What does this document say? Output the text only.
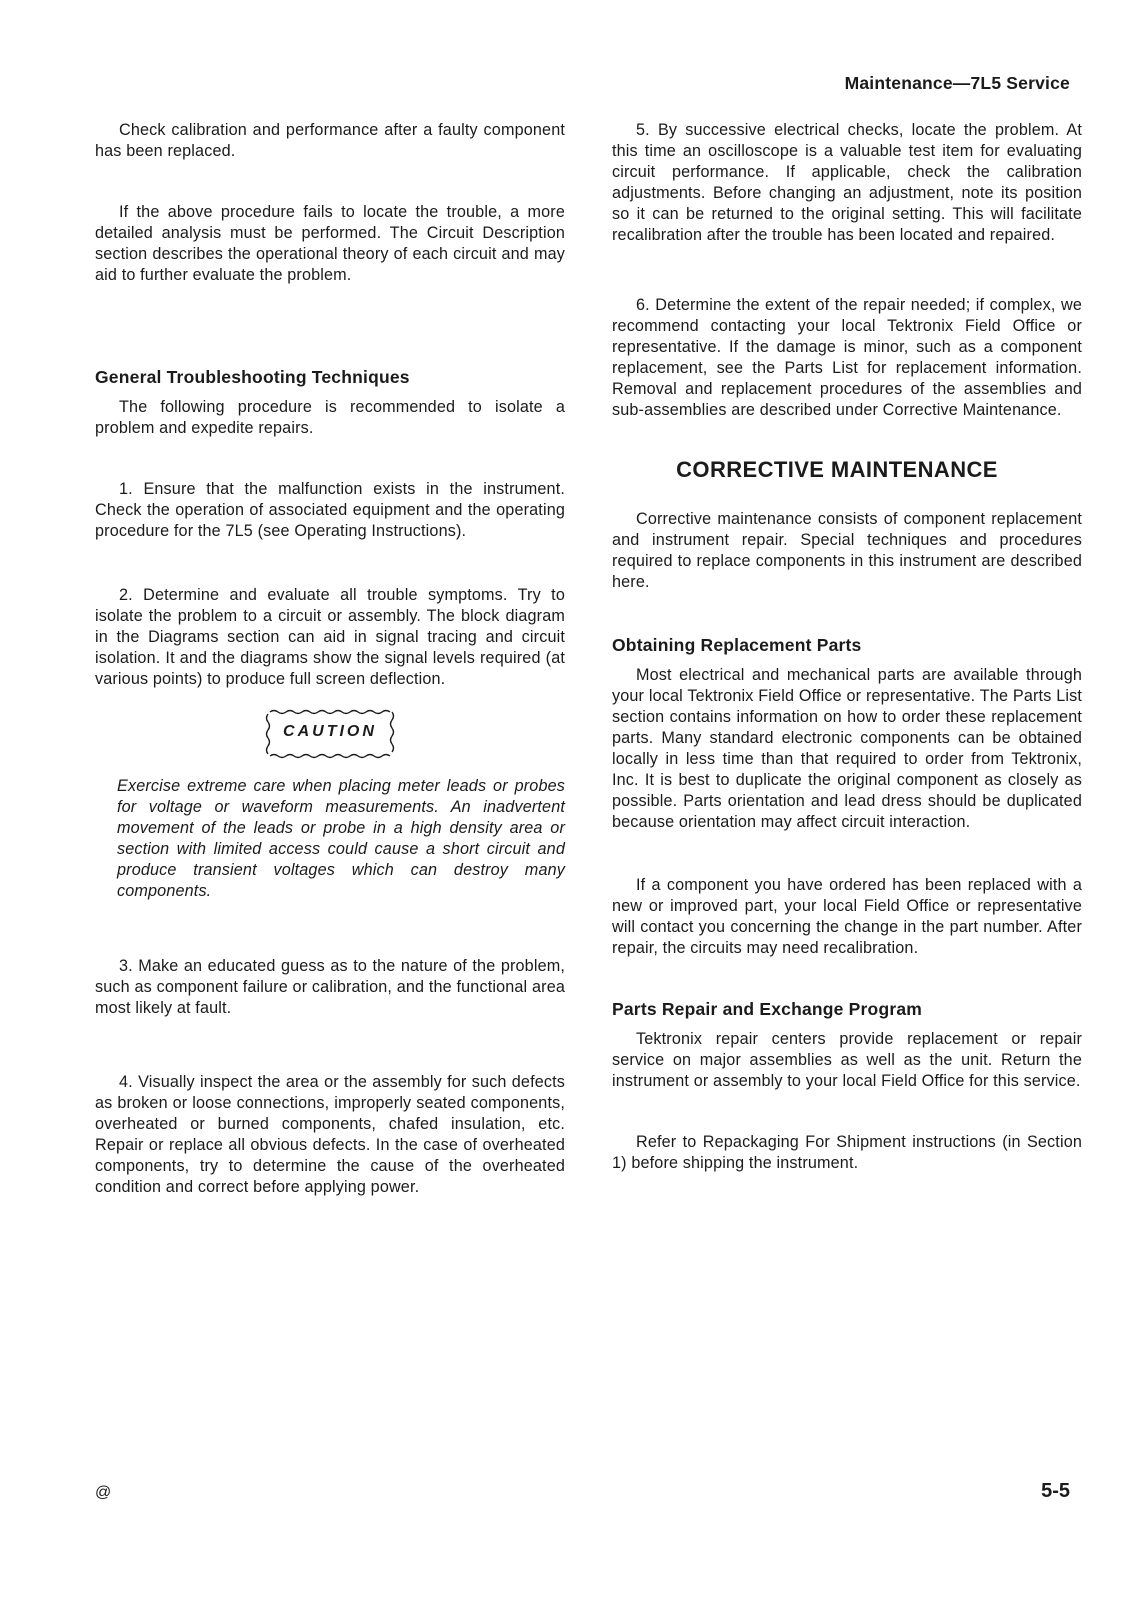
Maintenance—7L5 Service

Check calibration and performance after a faulty component has been replaced.

If the above procedure fails to locate the trouble, a more detailed analysis must be performed. The Circuit Description section describes the operational theory of each circuit and may aid to further evaluate the problem.

General Troubleshooting Techniques

The following procedure is recommended to isolate a problem and expedite repairs.

1. Ensure that the malfunction exists in the instrument. Check the operation of associated equipment and the operating procedure for the 7L5 (see Operating Instructions).

2. Determine and evaluate all trouble symptoms. Try to isolate the problem to a circuit or assembly. The block diagram in the Diagrams section can aid in signal tracing and circuit isolation. It and the diagrams show the signal levels required (at various points) to produce full screen deflection.

CAUTION

Exercise extreme care when placing meter leads or probes for voltage or waveform measurements. An inadvertent movement of the leads or probe in a high density area or section with limited access could cause a short circuit and produce transient voltages which can destroy many components.

3. Make an educated guess as to the nature of the problem, such as component failure or calibration, and the functional area most likely at fault.

4. Visually inspect the area or the assembly for such defects as broken or loose connections, improperly seated components, overheated or burned components, chafed insulation, etc. Repair or replace all obvious defects. In the case of overheated components, try to determine the cause of the overheated condition and correct before applying power.

5. By successive electrical checks, locate the problem. At this time an oscilloscope is a valuable test item for evaluating circuit performance. If applicable, check the calibration adjustments. Before changing an adjustment, note its position so it can be returned to the original setting. This will facilitate recalibration after the trouble has been located and repaired.

6. Determine the extent of the repair needed; if complex, we recommend contacting your local Tektronix Field Office or representative. If the damage is minor, such as a component replacement, see the Parts List for replacement information. Removal and replacement procedures of the assemblies and sub-assemblies are described under Corrective Maintenance.

CORRECTIVE MAINTENANCE

Corrective maintenance consists of component replacement and instrument repair. Special techniques and procedures required to replace components in this instrument are described here.

Obtaining Replacement Parts

Most electrical and mechanical parts are available through your local Tektronix Field Office or representative. The Parts List section contains information on how to order these replacement parts. Many standard electronic components can be obtained locally in less time than that required to order from Tektronix, Inc. It is best to duplicate the original component as closely as possible. Parts orientation and lead dress should be duplicated because orientation may affect circuit interaction.

If a component you have ordered has been replaced with a new or improved part, your local Field Office or representative will contact you concerning the change in the part number. After repair, the circuits may need recalibration.

Parts Repair and Exchange Program

Tektronix repair centers provide replacement or repair service on major assemblies as well as the unit. Return the instrument or assembly to your local Field Office for this service.

Refer to Repackaging For Shipment instructions (in Section 1) before shipping the instrument.

@	5-5
